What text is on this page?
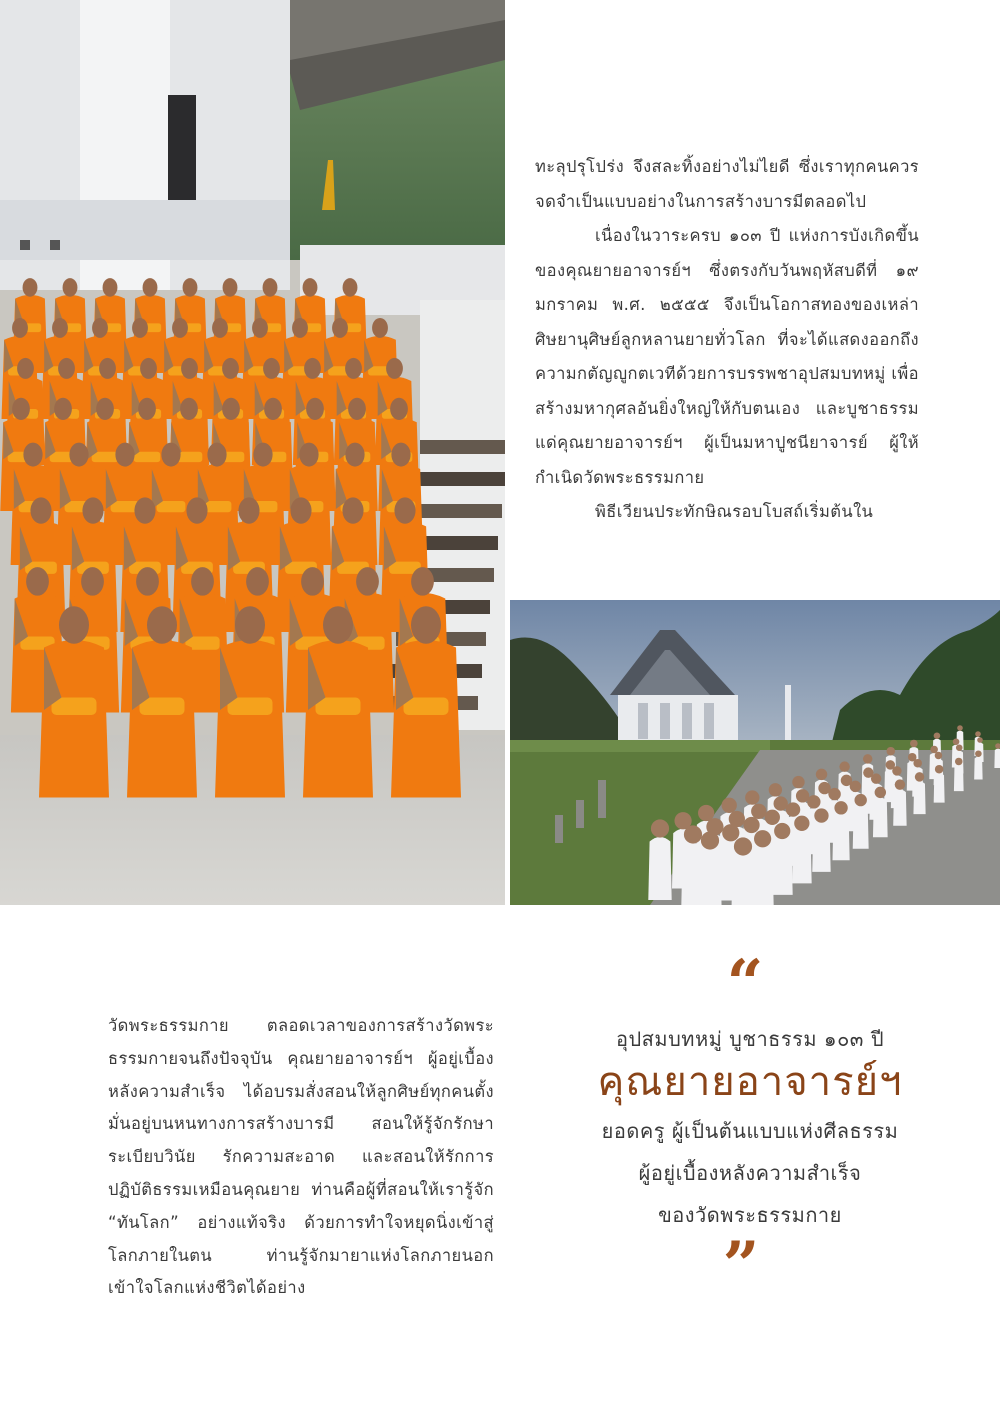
ทะลุปรุโปร่ง จึงสละทิ้งอย่างไม่ไยดี ซึ่งเราทุกคนควรจดจำเป็นแบบอย่างในการสร้างบารมีตลอดไป

เนื่องในวาระครบ ๑๐๓ ปี แห่งการบังเกิดขึ้นของคุณยายอาจารย์ฯ ซึ่งตรงกับวันพฤหัสบดีที่ ๑๙ มกราคม พ.ศ. ๒๕๕๕ จึงเป็นโอกาสทองของเหล่าศิษยานุศิษย์ลูกหลานยายทั่วโลก ที่จะได้แสดงออกถึงความกตัญญูกตเวทีด้วยการบรรพชาอุปสมบทหมู่ เพื่อสร้างมหากุศลอันยิ่งใหญ่ให้กับตนเอง และบูชาธรรมแด่คุณยายอาจารย์ฯ ผู้เป็นมหาปูชนียาจารย์ ผู้ให้กำเนิดวัดพระธรรมกาย

พิธีเวียนประทักษิณรอบโบสถ์เริ่มต้นใน

วัดพระธรรมกาย ตลอดเวลาของการสร้างวัดพระธรรมกายจนถึงปัจจุบัน คุณยายอาจารย์ฯ ผู้อยู่เบื้องหลังความสำเร็จ ได้อบรมสั่งสอนให้ลูกศิษย์ทุกคนตั้งมั่นอยู่บนหนทางการสร้างบารมี สอนให้รู้จักรักษาระเบียบวินัย รักความสะอาด และสอนให้รักการปฏิบัติธรรมเหมือนคุณยาย ท่านคือผู้ที่สอนให้เรารู้จัก “ทันโลก” อย่างแท้จริง ด้วยการทำใจหยุดนิ่งเข้าสู่โลกภายในตน ท่านรู้จักมายาแห่งโลกภายนอก เข้าใจโลกแห่งชีวิตได้อย่าง

“
อุปสมบทหมู่ บูชาธรรม ๑๐๓ ปี
คุณยายอาจารย์ฯ
ยอดครู ผู้เป็นต้นแบบแห่งศีลธรรม
ผู้อยู่เบื้องหลังความสำเร็จ
ของวัดพระธรรมกาย
”
